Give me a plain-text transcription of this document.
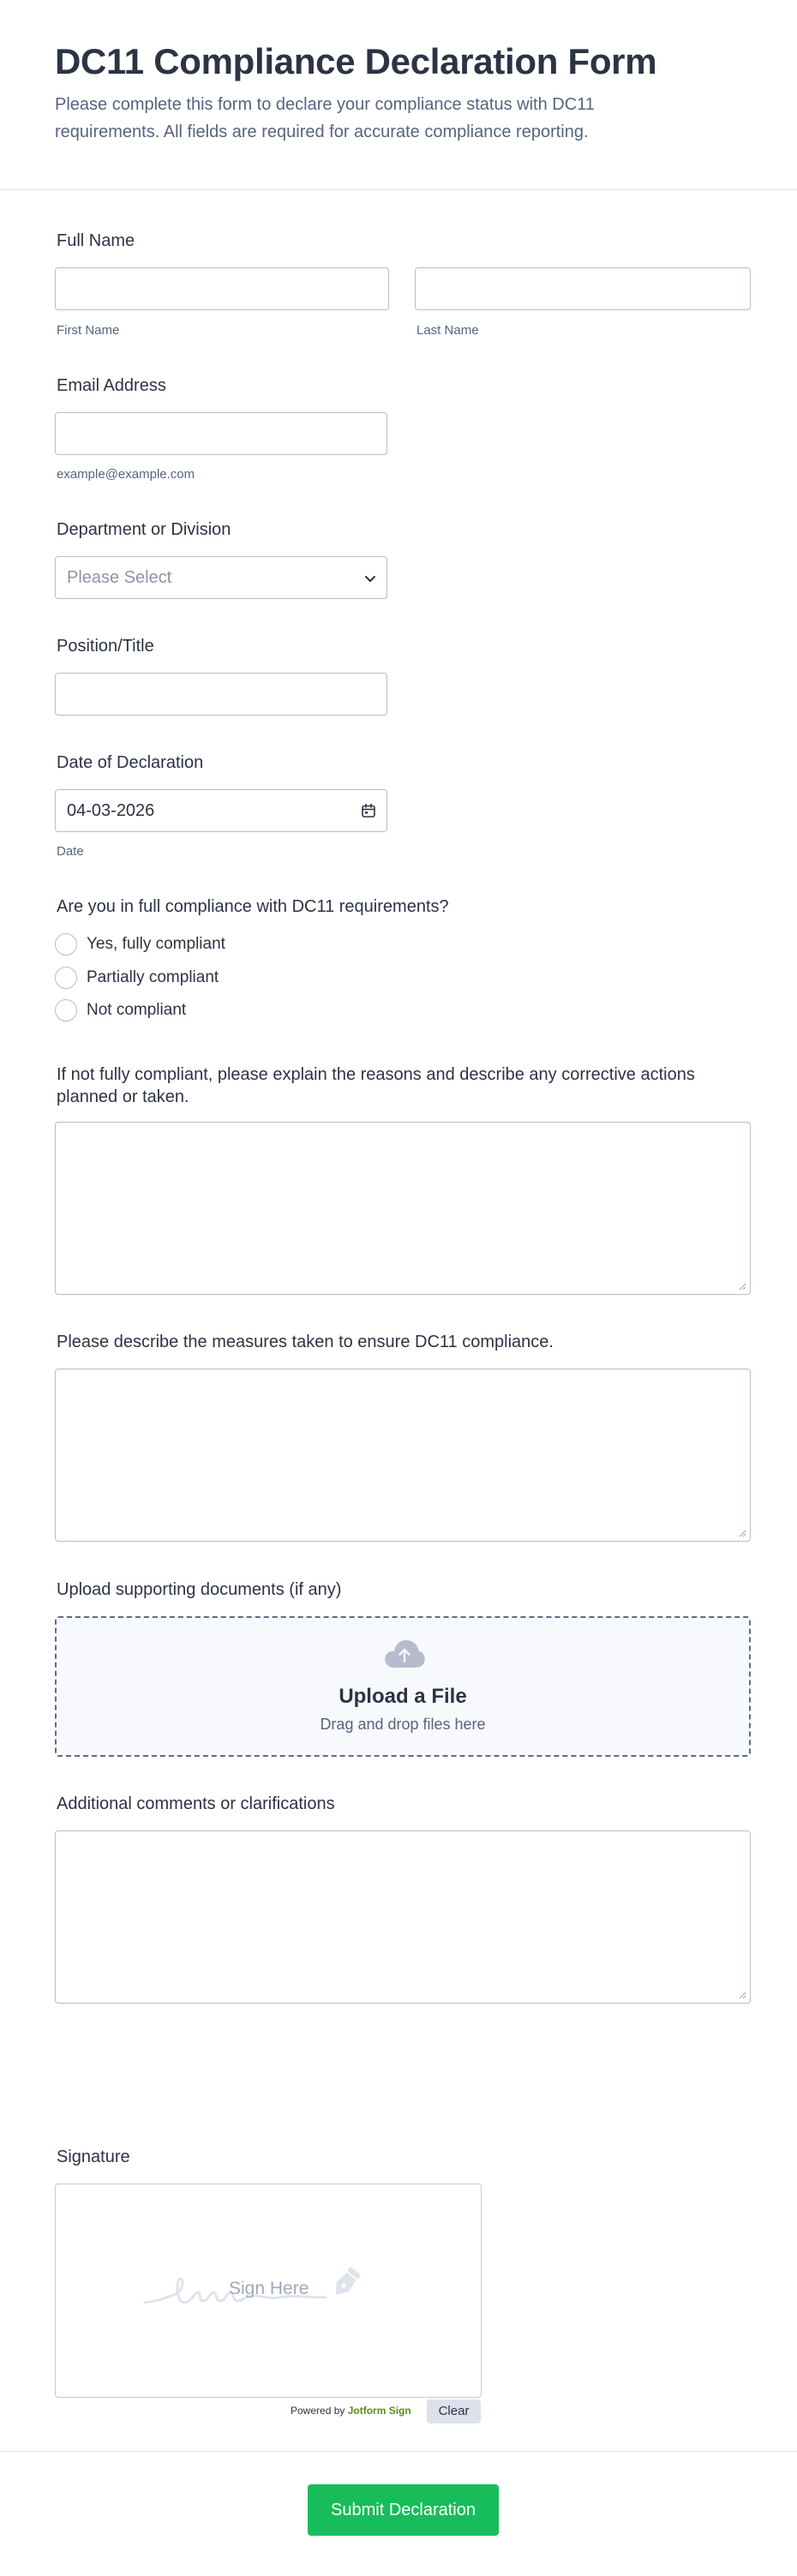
DC11 Compliance Declaration Form
Please complete this form to declare your compliance status with DC11 requirements. All fields are required for accurate compliance reporting.
Full Name
First Name	Last Name
Email Address
example@example.com
Department or Division
Please Select
Position/Title
Date of Declaration
04-03-2026
Date
Are you in full compliance with DC11 requirements?
Yes, fully compliant
Partially compliant
Not compliant
If not fully compliant, please explain the reasons and describe any corrective actions planned or taken.
Please describe the measures taken to ensure DC11 compliance.
Upload supporting documents (if any)
Upload a File
Drag and drop files here
Additional comments or clarifications
Signature
Sign Here
Powered by Jotform Sign	Clear
Submit Declaration
